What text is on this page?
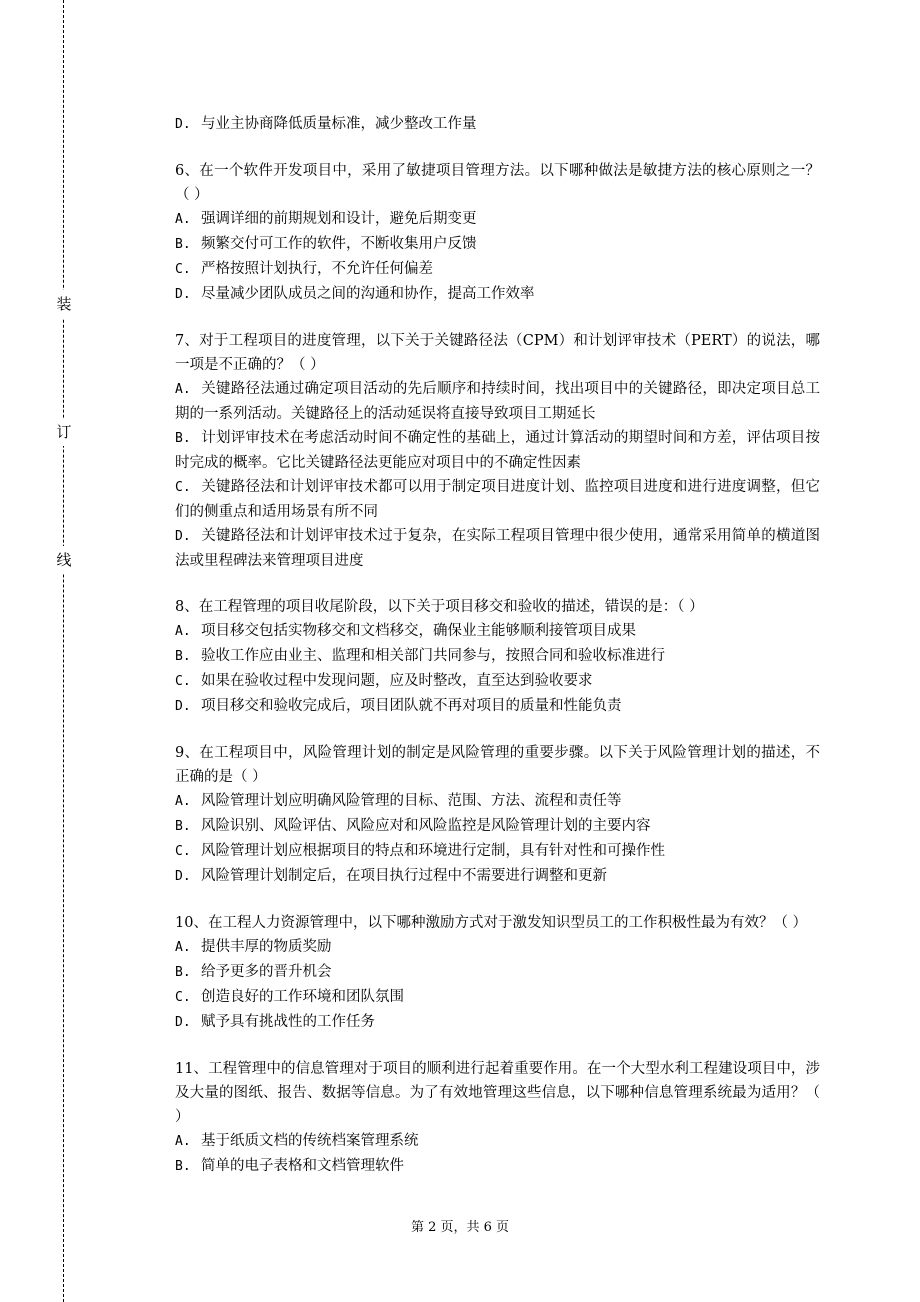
装
订
线
D. 与业主协商降低质量标准，减少整改工作量
6、在一个软件开发项目中，采用了敏捷项目管理方法。以下哪种做法是敏捷方法的核心原则之一？（ ）
A. 强调详细的前期规划和设计，避免后期变更
B. 频繁交付可工作的软件，不断收集用户反馈
C. 严格按照计划执行，不允许任何偏差
D. 尽量减少团队成员之间的沟通和协作，提高工作效率
7、对于工程项目的进度管理，以下关于关键路径法（CPM）和计划评审技术（PERT）的说法，哪一项是不正确的？（ ）
A. 关键路径法通过确定项目活动的先后顺序和持续时间，找出项目中的关键路径，即决定项目总工期的一系列活动。关键路径上的活动延误将直接导致项目工期延长
B. 计划评审技术在考虑活动时间不确定性的基础上，通过计算活动的期望时间和方差，评估项目按时完成的概率。它比关键路径法更能应对项目中的不确定性因素
C. 关键路径法和计划评审技术都可以用于制定项目进度计划、监控项目进度和进行进度调整，但它们的侧重点和适用场景有所不同
D. 关键路径法和计划评审技术过于复杂，在实际工程项目管理中很少使用，通常采用简单的横道图法或里程碑法来管理项目进度
8、在工程管理的项目收尾阶段，以下关于项目移交和验收的描述，错误的是：（ ）
A. 项目移交包括实物移交和文档移交，确保业主能够顺利接管项目成果
B. 验收工作应由业主、监理和相关部门共同参与，按照合同和验收标准进行
C. 如果在验收过程中发现问题，应及时整改，直至达到验收要求
D. 项目移交和验收完成后，项目团队就不再对项目的质量和性能负责
9、在工程项目中，风险管理计划的制定是风险管理的重要步骤。以下关于风险管理计划的描述，不正确的是（ ）
A. 风险管理计划应明确风险管理的目标、范围、方法、流程和责任等
B. 风险识别、风险评估、风险应对和风险监控是风险管理计划的主要内容
C. 风险管理计划应根据项目的特点和环境进行定制，具有针对性和可操作性
D. 风险管理计划制定后，在项目执行过程中不需要进行调整和更新
10、在工程人力资源管理中，以下哪种激励方式对于激发知识型员工的工作积极性最为有效？（ ）
A. 提供丰厚的物质奖励
B. 给予更多的晋升机会
C. 创造良好的工作环境和团队氛围
D. 赋予具有挑战性的工作任务
11、工程管理中的信息管理对于项目的顺利进行起着重要作用。在一个大型水利工程建设项目中，涉及大量的图纸、报告、数据等信息。为了有效地管理这些信息，以下哪种信息管理系统最为适用？（ ）
A. 基于纸质文档的传统档案管理系统
B. 简单的电子表格和文档管理软件
第 2 页，共 6 页
